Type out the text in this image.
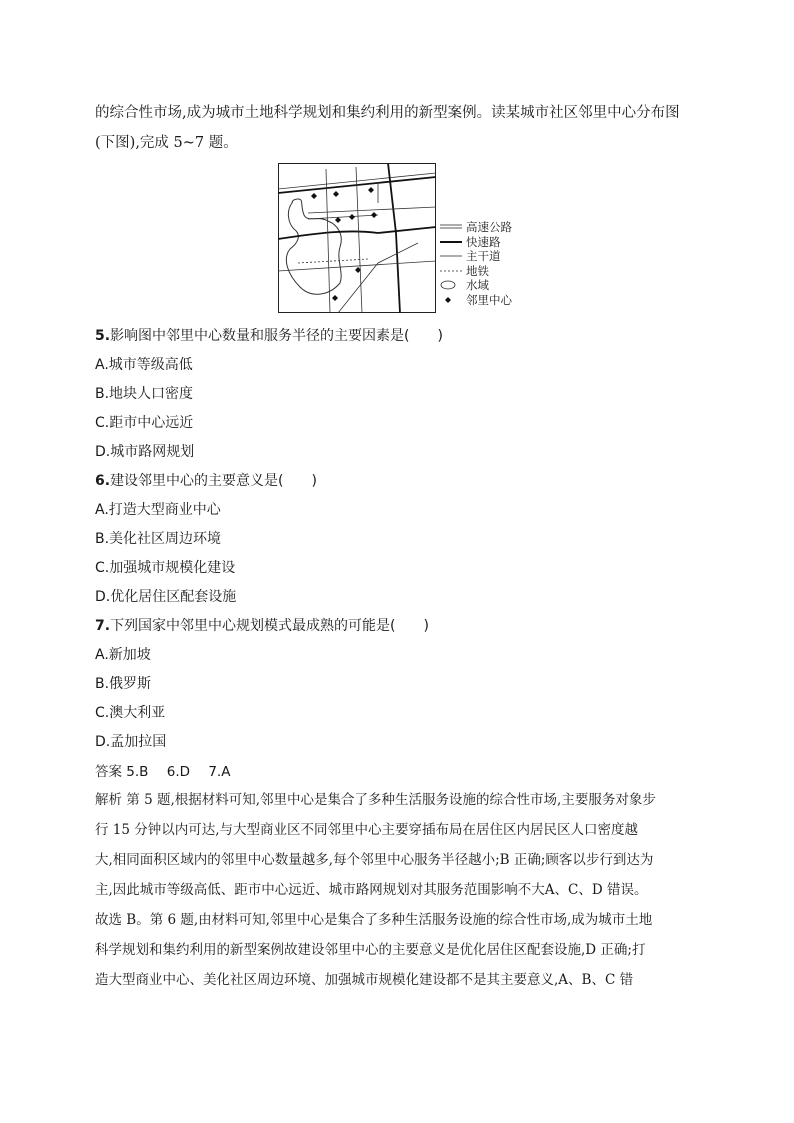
的综合性市场,成为城市土地科学规划和集约利用的新型案例。读某城市社区邻里中心分布图

(下图),完成 5~7 题。

高速公路
快速路
主干道
地铁
水域
邻里中心
5.影响图中邻里中心数量和服务半径的主要因素是(　　)
A.城市等级高低
B.地块人口密度
C.距市中心远近
D.城市路网规划
6.建设邻里中心的主要意义是(　　)
A.打造大型商业中心
B.美化社区周边环境
C.加强城市规模化建设
D.优化居住区配套设施
7.下列国家中邻里中心规划模式最成熟的可能是(　　)
A.新加坡
B.俄罗斯
C.澳大利亚
D.孟加拉国
答案 5.B 6.D 7.A

解析 第 5 题,根据材料可知,邻里中心是集合了多种生活服务设施的综合性市场,主要服务对象步

行 15 分钟以内可达,与大型商业区不同邻里中心主要穿插布局在居住区内居民区人口密度越

大,相同面积区域内的邻里中心数量越多,每个邻里中心服务半径越小;B 正确;顾客以步行到达为

主,因此城市等级高低、距市中心远近、城市路网规划对其服务范围影响不大A、C、D 错误。

故选 B。第 6 题,由材料可知,邻里中心是集合了多种生活服务设施的综合性市场,成为城市土地

科学规划和集约利用的新型案例故建设邻里中心的主要意义是优化居住区配套设施,D 正确;打

造大型商业中心、美化社区周边环境、加强城市规模化建设都不是其主要意义,A、B、C 错
